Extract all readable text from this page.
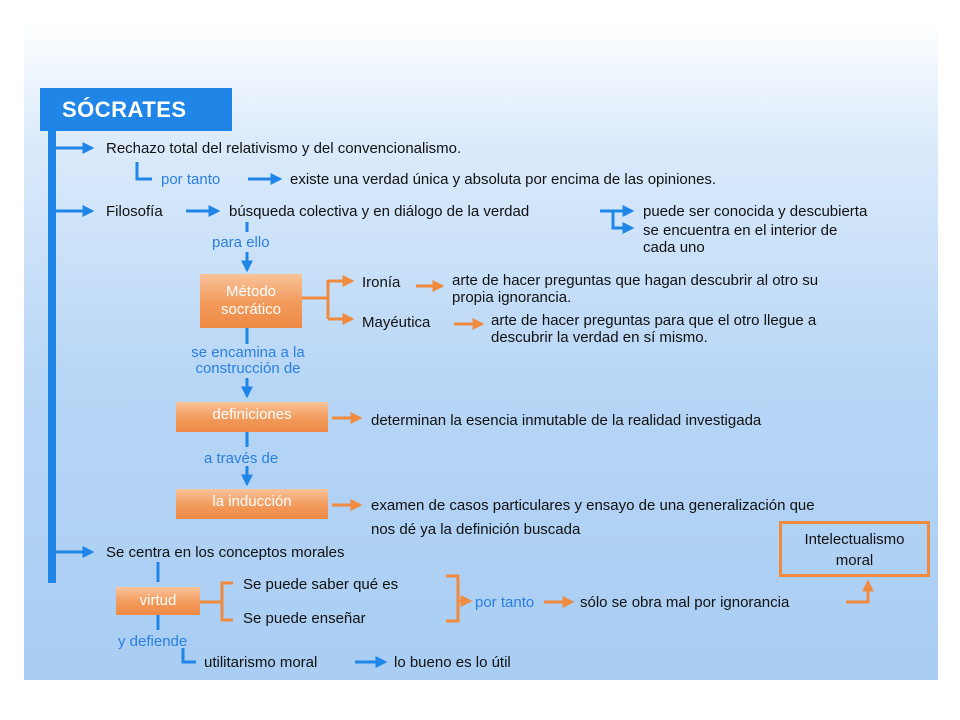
SÓCRATES
Rechazo total del relativismo y del convencionalismo.
por tanto	existe una verdad única y absoluta por encima de las opiniones.
Filosofía	búsqueda colectiva y en diálogo de la verdad	puede ser conocida y descubierta
se encuentra en el interior de
cada uno
para ello
Método
socrático
Ironía	arte de hacer preguntas que hagan descubrir al otro su
propia ignorancia.
Mayéutica	arte de hacer preguntas para que el otro llegue a
descubrir la verdad en sí mismo.
se encamina a la
construcción de
definiciones	determinan la esencia inmutable de la realidad investigada
a través de
la inducción	examen de casos particulares y ensayo de una generalización que
nos dé ya la definición buscada
Se centra en los conceptos morales
Intelectualismo
moral
virtud
Se puede saber qué es
Se puede enseñar
por tanto	sólo se obra mal por ignorancia
y defiende
utilitarismo moral	lo bueno es lo útil
